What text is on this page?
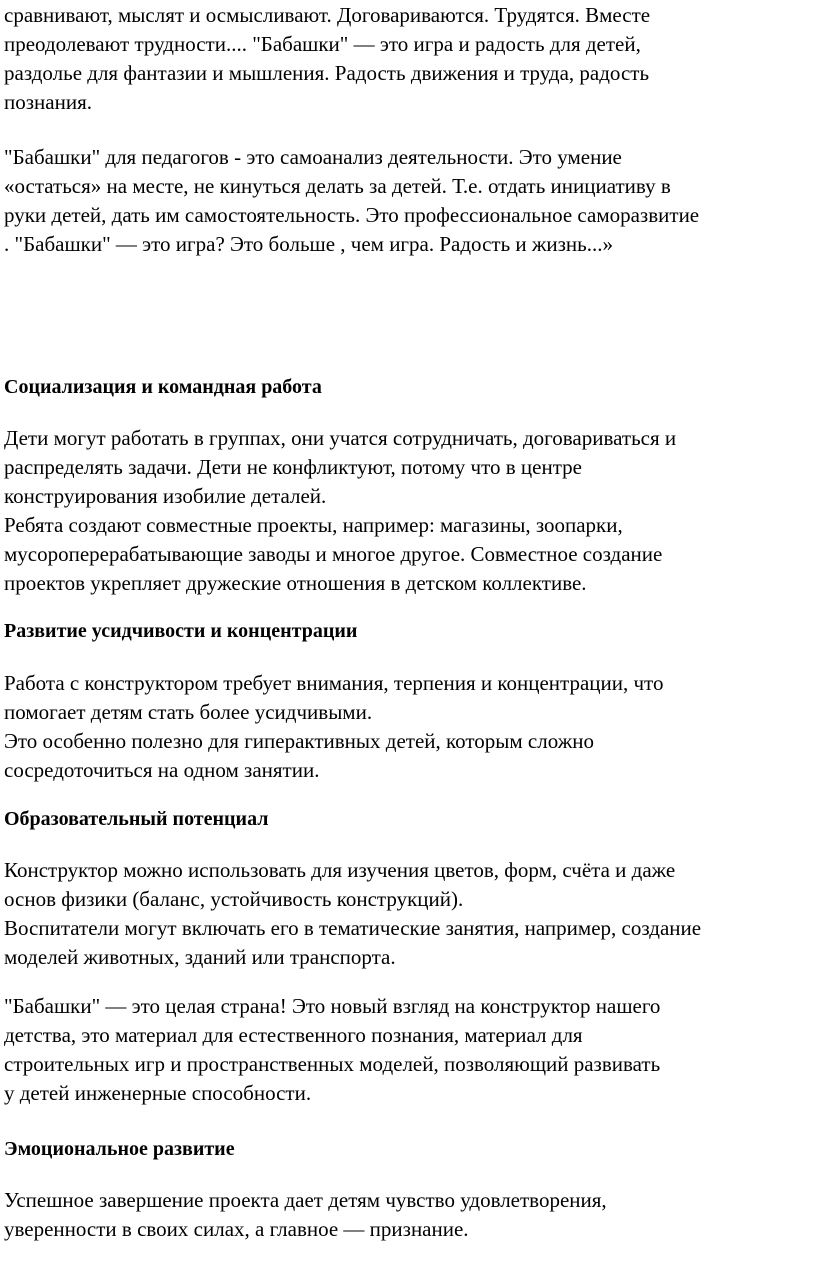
сравнивают, мыслят и осмысливают. Договариваются. Трудятся. Вместе
преодолевают трудности.... "Бабашки" — это игра и радость для детей,
раздолье для фантазии и мышления. Радость движения и труда, радость
познания.

"Бабашки" для педагогов - это самоанализ деятельности. Это умение
«остаться» на месте, не кинуться делать за детей. Т.е. отдать инициативу в
руки детей, дать им самостоятельность. Это профессиональное саморазвитие
. "Бабашки" — это игра? Это больше , чем игра. Радость и жизнь...»

Социализация и командная работа

Дети могут работать в группах, они учатся сотрудничать, договариваться и
распределять задачи. Дети не конфликтуют, потому что в центре
конструирования изобилие деталей.
Ребята создают совместные проекты, например: магазины, зоопарки,
мусороперерабатывающие заводы и многое другое. Совместное создание
проектов укрепляет дружеские отношения в детском коллективе.

Развитие усидчивости и концентрации

Работа с конструктором требует внимания, терпения и концентрации, что
помогает детям стать более усидчивыми.
Это особенно полезно для гиперактивных детей, которым сложно
сосредоточиться на одном занятии.

Образовательный потенциал

Конструктор можно использовать для изучения цветов, форм, счёта и даже
основ физики (баланс, устойчивость конструкций).
Воспитатели могут включать его в тематические занятия, например, создание
моделей животных, зданий или транспорта.

"Бабашки" — это целая страна! Это новый взгляд на конструктор нашего
детства, это материал для естественного познания, материал для
строительных игр и пространственных моделей, позволяющий развивать
у детей инженерные способности.

Эмоциональное развитие

Успешное завершение проекта дает детям чувство удовлетворения,
уверенности в своих силах, а главное — признание.
